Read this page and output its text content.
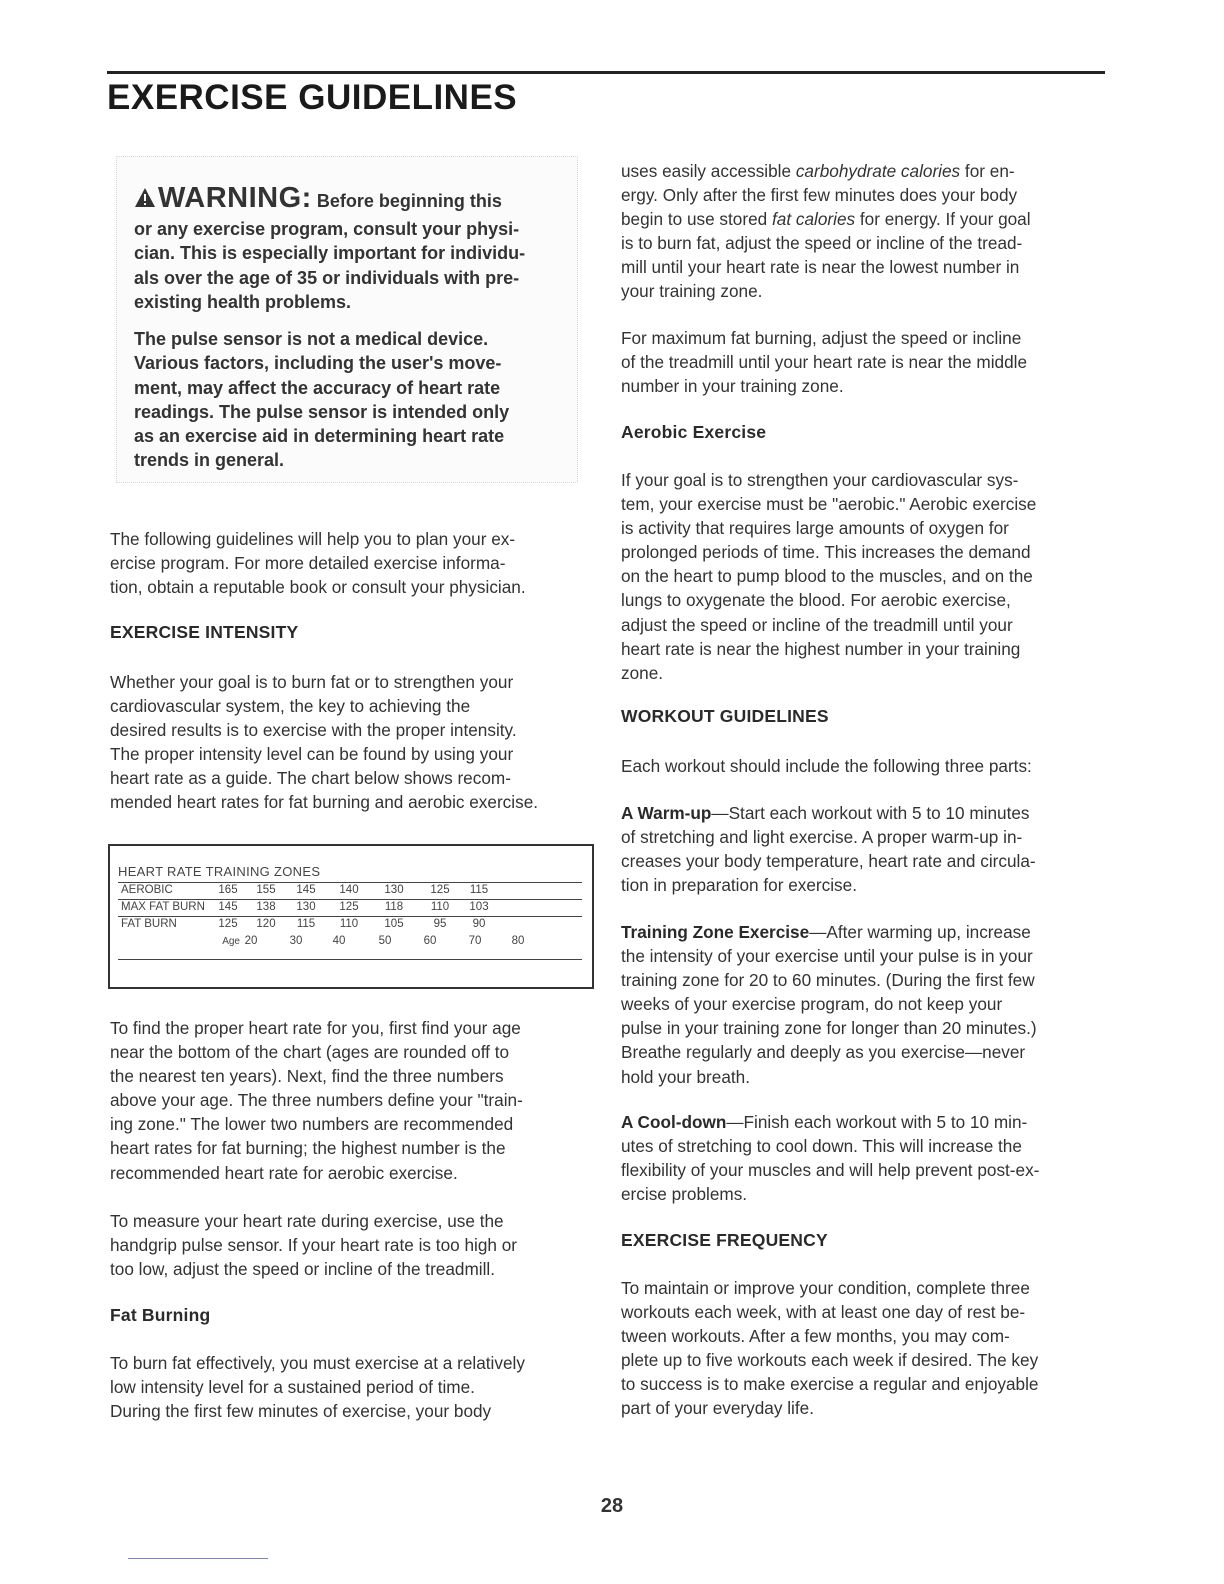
EXERCISE GUIDELINES

WARNING: Before beginning this
or any exercise program, consult your physi-
cian. This is especially important for individu-
als over the age of 35 or individuals with pre-
existing health problems.

The pulse sensor is not a medical device.
Various factors, including the user's move-
ment, may affect the accuracy of heart rate
readings. The pulse sensor is intended only
as an exercise aid in determining heart rate
trends in general.

The following guidelines will help you to plan your ex-
ercise program. For more detailed exercise informa-
tion, obtain a reputable book or consult your physician.

EXERCISE INTENSITY

Whether your goal is to burn fat or to strengthen your
cardiovascular system, the key to achieving the
desired results is to exercise with the proper intensity.
The proper intensity level can be found by using your
heart rate as a guide. The chart below shows recom-
mended heart rates for fat burning and aerobic exercise.

To find the proper heart rate for you, first find your age
near the bottom of the chart (ages are rounded off to
the nearest ten years). Next, find the three numbers
above your age. The three numbers define your "train-
ing zone." The lower two numbers are recommended
heart rates for fat burning; the highest number is the
recommended heart rate for aerobic exercise.

To measure your heart rate during exercise, use the
handgrip pulse sensor. If your heart rate is too high or
too low, adjust the speed or incline of the treadmill.

Fat Burning

To burn fat effectively, you must exercise at a relatively
low intensity level for a sustained period of time.
During the first few minutes of exercise, your body

HEART RATE TRAINING ZONES
AEROBIC	165	155	145	140	130	125	115
MAX FAT BURN	145	138	130	125	118	110	103
FAT BURN	125	120	115	110	105	95	90
Age 20	30	40	50	60	70	80

uses easily accessible carbohydrate calories for en-
ergy. Only after the first few minutes does your body
begin to use stored fat calories for energy. If your goal
is to burn fat, adjust the speed or incline of the tread-
mill until your heart rate is near the lowest number in
your training zone.

For maximum fat burning, adjust the speed or incline
of the treadmill until your heart rate is near the middle
number in your training zone.

Aerobic Exercise

If your goal is to strengthen your cardiovascular sys-
tem, your exercise must be "aerobic." Aerobic exercise
is activity that requires large amounts of oxygen for
prolonged periods of time. This increases the demand
on the heart to pump blood to the muscles, and on the
lungs to oxygenate the blood. For aerobic exercise,
adjust the speed or incline of the treadmill until your
heart rate is near the highest number in your training
zone.

WORKOUT GUIDELINES

Each workout should include the following three parts:

A Warm-up—Start each workout with 5 to 10 minutes
of stretching and light exercise. A proper warm-up in-
creases your body temperature, heart rate and circula-
tion in preparation for exercise.

Training Zone Exercise—After warming up, increase
the intensity of your exercise until your pulse is in your
training zone for 20 to 60 minutes. (During the first few
weeks of your exercise program, do not keep your
pulse in your training zone for longer than 20 minutes.)
Breathe regularly and deeply as you exercise—never
hold your breath.

A Cool-down—Finish each workout with 5 to 10 min-
utes of stretching to cool down. This will increase the
flexibility of your muscles and will help prevent post-ex-
ercise problems.

EXERCISE FREQUENCY

To maintain or improve your condition, complete three
workouts each week, with at least one day of rest be-
tween workouts. After a few months, you may com-
plete up to five workouts each week if desired. The key
to success is to make exercise a regular and enjoyable
part of your everyday life.

28
